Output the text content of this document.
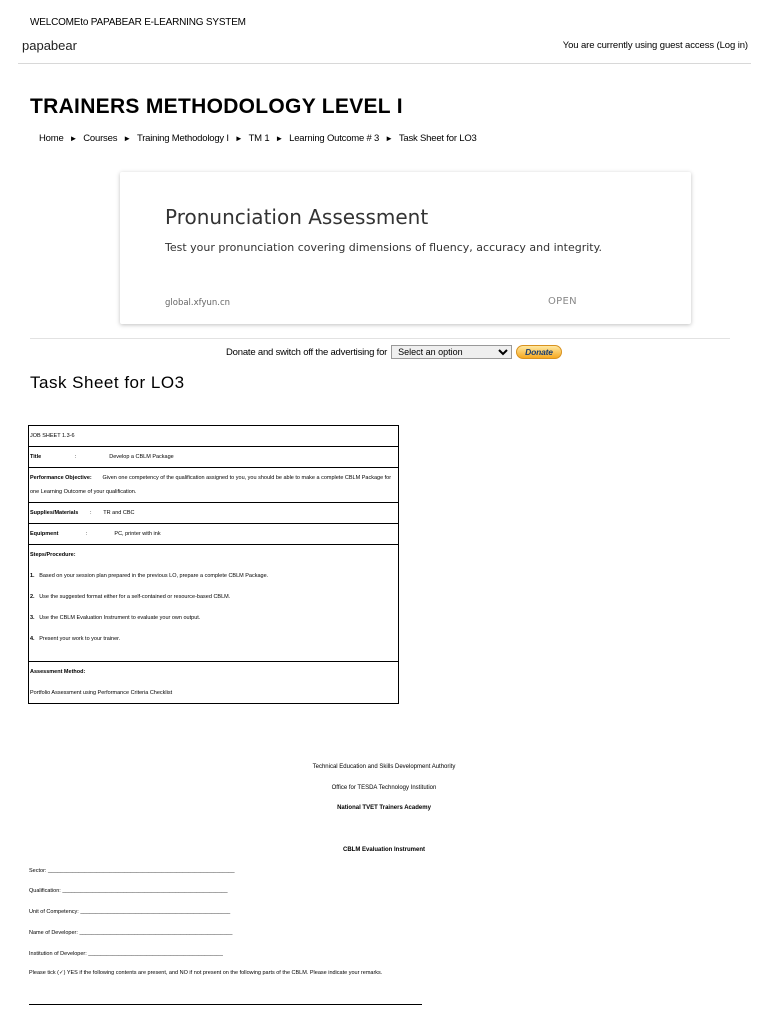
WELCOMEto PAPABEAR E-LEARNING SYSTEM
papabear	You are currently using guest access (Log in)
TRAINERS METHODOLOGY LEVEL I
Home ► Courses ► Training Methodology I ► TM 1 ► Learning Outcome # 3 ► Task Sheet for LO3
Pronunciation Assessment
Test your pronunciation covering dimensions of fluency, accuracy and integrity.
global.xfyun.cn	OPEN
Donate and switch off the advertising for
Select an option	Donate
Task Sheet for LO3
JOB SHEET 1.3-6
Title	:	Develop a CBLM Package
Performance Objective: Given one competency of the qualification assigned to you, you should be able to make a complete CBLM Package for one Learning Outcome of your qualification.
Supplies/Materials : TR and CBC
Equipment	:	PC, printer with ink

Steps/Procedure:

1. Based on your session plan prepared in the previous LO, prepare a complete CBLM Package.

2. Use the suggested format either for a self-contained or resource-based CBLM.

3. Use the CBLM Evaluation Instrument to evaluate your own output.

4. Present your work to your trainer.

Assessment Method:
Portfolio Assessment using Performance Criteria Checklist
Technical Education and Skills Development Authority
Office for TESDA Technology Institution
National TVET Trainers Academy
CBLM Evaluation Instrument
Sector: _____________________________________________________________
Qualification: ______________________________________________________
Unit of Competency: _________________________________________________
Name of Developer: __________________________________________________
Institution of Developer: ____________________________________________
Please tick (✓) YES if the following contents are present, and NO if not present on the following parts of the CBLM. Please indicate your remarks.
